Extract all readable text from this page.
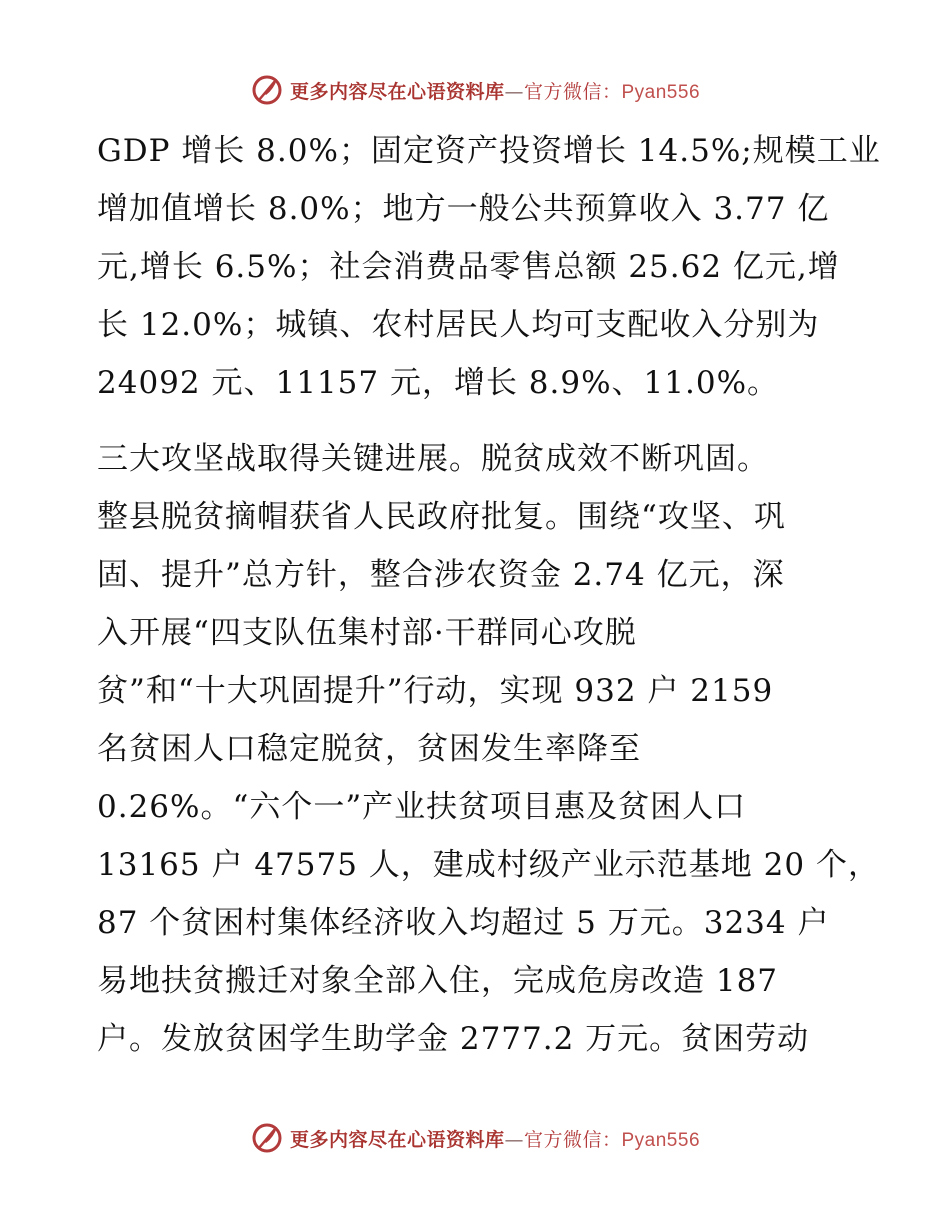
更多内容尽在心语资料库—官方微信：Pyan556
GDP 增长 8.0%；固定资产投资增长 14.5%;规模工业
增加值增长 8.0%；地方一般公共预算收入 3.77 亿
元,增长 6.5%；社会消费品零售总额 25.62 亿元,增
长 12.0%；城镇、农村居民人均可支配收入分别为
24092 元、11157 元，增长 8.9%、11.0%。
三大攻坚战取得关键进展。脱贫成效不断巩固。
整县脱贫摘帽获省人民政府批复。围绕“攻坚、巩
固、提升”总方针，整合涉农资金 2.74 亿元，深
入开展“四支队伍集村部·干群同心攻脱
贫”和“十大巩固提升”行动，实现 932 户 2159
名贫困人口稳定脱贫，贫困发生率降至
0.26%。“六个一”产业扶贫项目惠及贫困人口
13165 户 47575 人，建成村级产业示范基地 20 个，
87 个贫困村集体经济收入均超过 5 万元。3234 户
易地扶贫搬迁对象全部入住，完成危房改造 187
户。发放贫困学生助学金 2777.2 万元。贫困劳动
更多内容尽在心语资料库—官方微信：Pyan556
